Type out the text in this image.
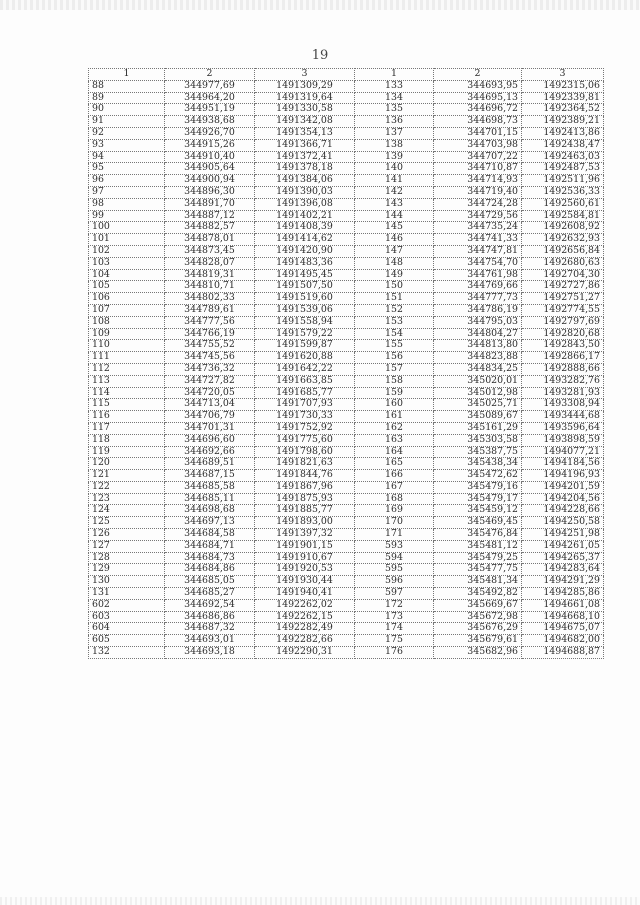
19
1	2	3	1	2	3
88	344977,69	1491309,29	133	344693,95	1492315,06
89	344964,20	1491319,64	134	344695,13	1492339,81
90	344951,19	1491330,58	135	344696,72	1492364,52
91	344938,68	1491342,08	136	344698,73	1492389,21
92	344926,70	1491354,13	137	344701,15	1492413,86
93	344915,26	1491366,71	138	344703,98	1492438,47
94	344910,40	1491372,41	139	344707,22	1492463,03
95	344905,64	1491378,18	140	344710,87	1492487,53
96	344900,94	1491384,06	141	344714,93	1492511,96
97	344896,30	1491390,03	142	344719,40	1492536,33
98	344891,70	1491396,08	143	344724,28	1492560,61
99	344887,12	1491402,21	144	344729,56	1492584,81
100	344882,57	1491408,39	145	344735,24	1492608,92
101	344878,01	1491414,62	146	344741,33	1492632,93
102	344873,45	1491420,90	147	344747,81	1492656,84
103	344828,07	1491483,36	148	344754,70	1492680,63
104	344819,31	1491495,45	149	344761,98	1492704,30
105	344810,71	1491507,50	150	344769,66	1492727,86
106	344802,33	1491519,60	151	344777,73	1492751,27
107	344789,61	1491539,06	152	344786,19	1492774,55
108	344777,56	1491558,94	153	344795,03	1492797,69
109	344766,19	1491579,22	154	344804,27	1492820,68
110	344755,52	1491599,87	155	344813,80	1492843,50
111	344745,56	1491620,88	156	344823,88	1492866,17
112	344736,32	1491642,22	157	344834,25	1492888,66
113	344727,82	1491663,85	158	345020,01	1493282,76
114	344720,05	1491685,77	159	345012,98	1493281,93
115	344713,04	1491707,93	160	345025,71	1493308,94
116	344706,79	1491730,33	161	345089,67	1493444,68
117	344701,31	1491752,92	162	345161,29	1493596,64
118	344696,60	1491775,60	163	345303,58	1493898,59
119	344692,66	1491798,60	164	345387,75	1494077,21
120	344689,51	1491821,63	165	345438,34	1494184,56
121	344687,15	1491844,76	166	345472,62	1494196,93
122	344685,58	1491867,96	167	345479,16	1494201,59
123	344685,11	1491875,93	168	345479,17	1494204,56
124	344698,68	1491885,77	169	345459,12	1494228,66
125	344697,13	1491893,00	170	345469,45	1494250,58
126	344684,58	1491397,32	171	345476,84	1494251,98
127	344684,71	1491901,15	593	345481,12	1494261,05
128	344684,73	1491910,67	594	345479,25	1494265,37
129	344684,86	1491920,53	595	345477,75	1494283,64
130	344685,05	1491930,44	596	345481,34	1494291,29
131	344685,27	1491940,41	597	345492,82	1494285,86
602	344692,54	1492262,02	172	345669,67	1494661,08
603	344686,86	1492262,15	173	345672,98	1494668,10
604	344687,32	1492282,49	174	345676,29	1494675,07
605	344693,01	1492282,66	175	345679,61	1494682,00
132	344693,18	1492290,31	176	345682,96	1494688,87
